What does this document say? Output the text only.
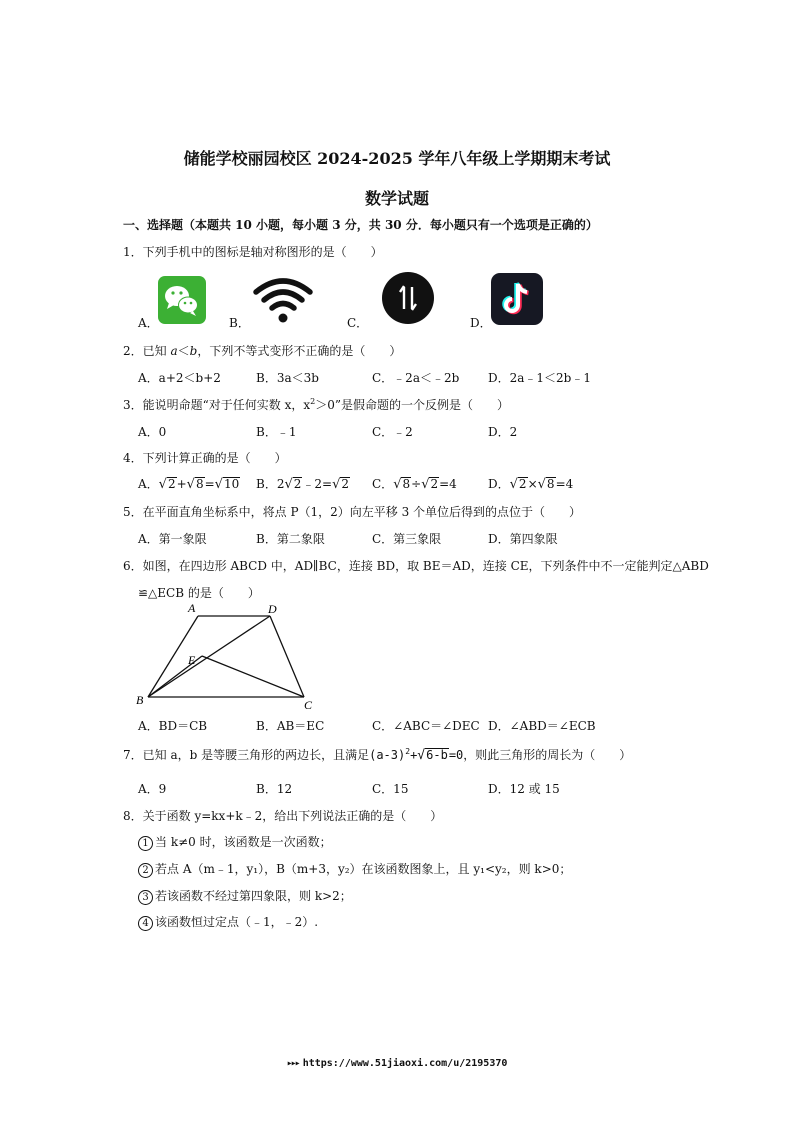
储能学校丽园校区 2024-2025 学年八年级上学期期末考试
数学试题
一、选择题（本题共 10 小题，每小题 3 分，共 30 分．每小题只有一个选项是正确的）
1．下列手机中的图标是轴对称图形的是（　　）
A．	B．	C．	D．
2．已知 a＜b，下列不等式变形不正确的是（　　）
A．a+2＜b+2	B．3a＜3b	C．﹣2a＜﹣2b D．2a﹣1＜2b﹣1
3．能说明命题“对于任何实数 x，$x^2>0$”是假命题的一个反例是（　　）
A．0	B．﹣1	C．﹣2	D．2
4．下列计算正确的是（　　）
A．√2+√8=√10 B．2√2﹣2=√2 C．√8÷√2=4	D．√2×√8=4
5．在平面直角坐标系中，将点 P（1，2）向左平移 3 个单位后得到的点位于（　　）
A．第一象限	B．第二象限	C．第三象限	D．第四象限
6．如图，在四边形 ABCD 中，AD∥BC，连接 BD，取 BE＝AD，连接 CE，下列条件中不一定能判定△ABD
≌△ECB 的是（　　）
A	D
E
B	C
A．BD＝CB	B．AB＝EC	C．∠ABC＝∠DEC D．∠ABD＝∠ECB
7．已知 a，b 是等腰三角形的两边长，且满足$(a-3)^2+√6-b=0$，则此三角形的周长为（　　）
A．9	B．12	C．15	D．12 或 15
8．关于函数 y=kx+k﹣2，给出下列说法正确的是（　　）
1 当 k≠0 时，该函数是一次函数；
2 若点 A（m﹣1，y₁），B（m+3，y₂）在该函数图象上，且 y₁<y₂，则 k>0；
3 若该函数不经过第四象限，则 k>2；
4 该函数恒过定点（﹣1，﹣2）.
▸▸▸ https://www.51jiaoxi.com/u/2195370
